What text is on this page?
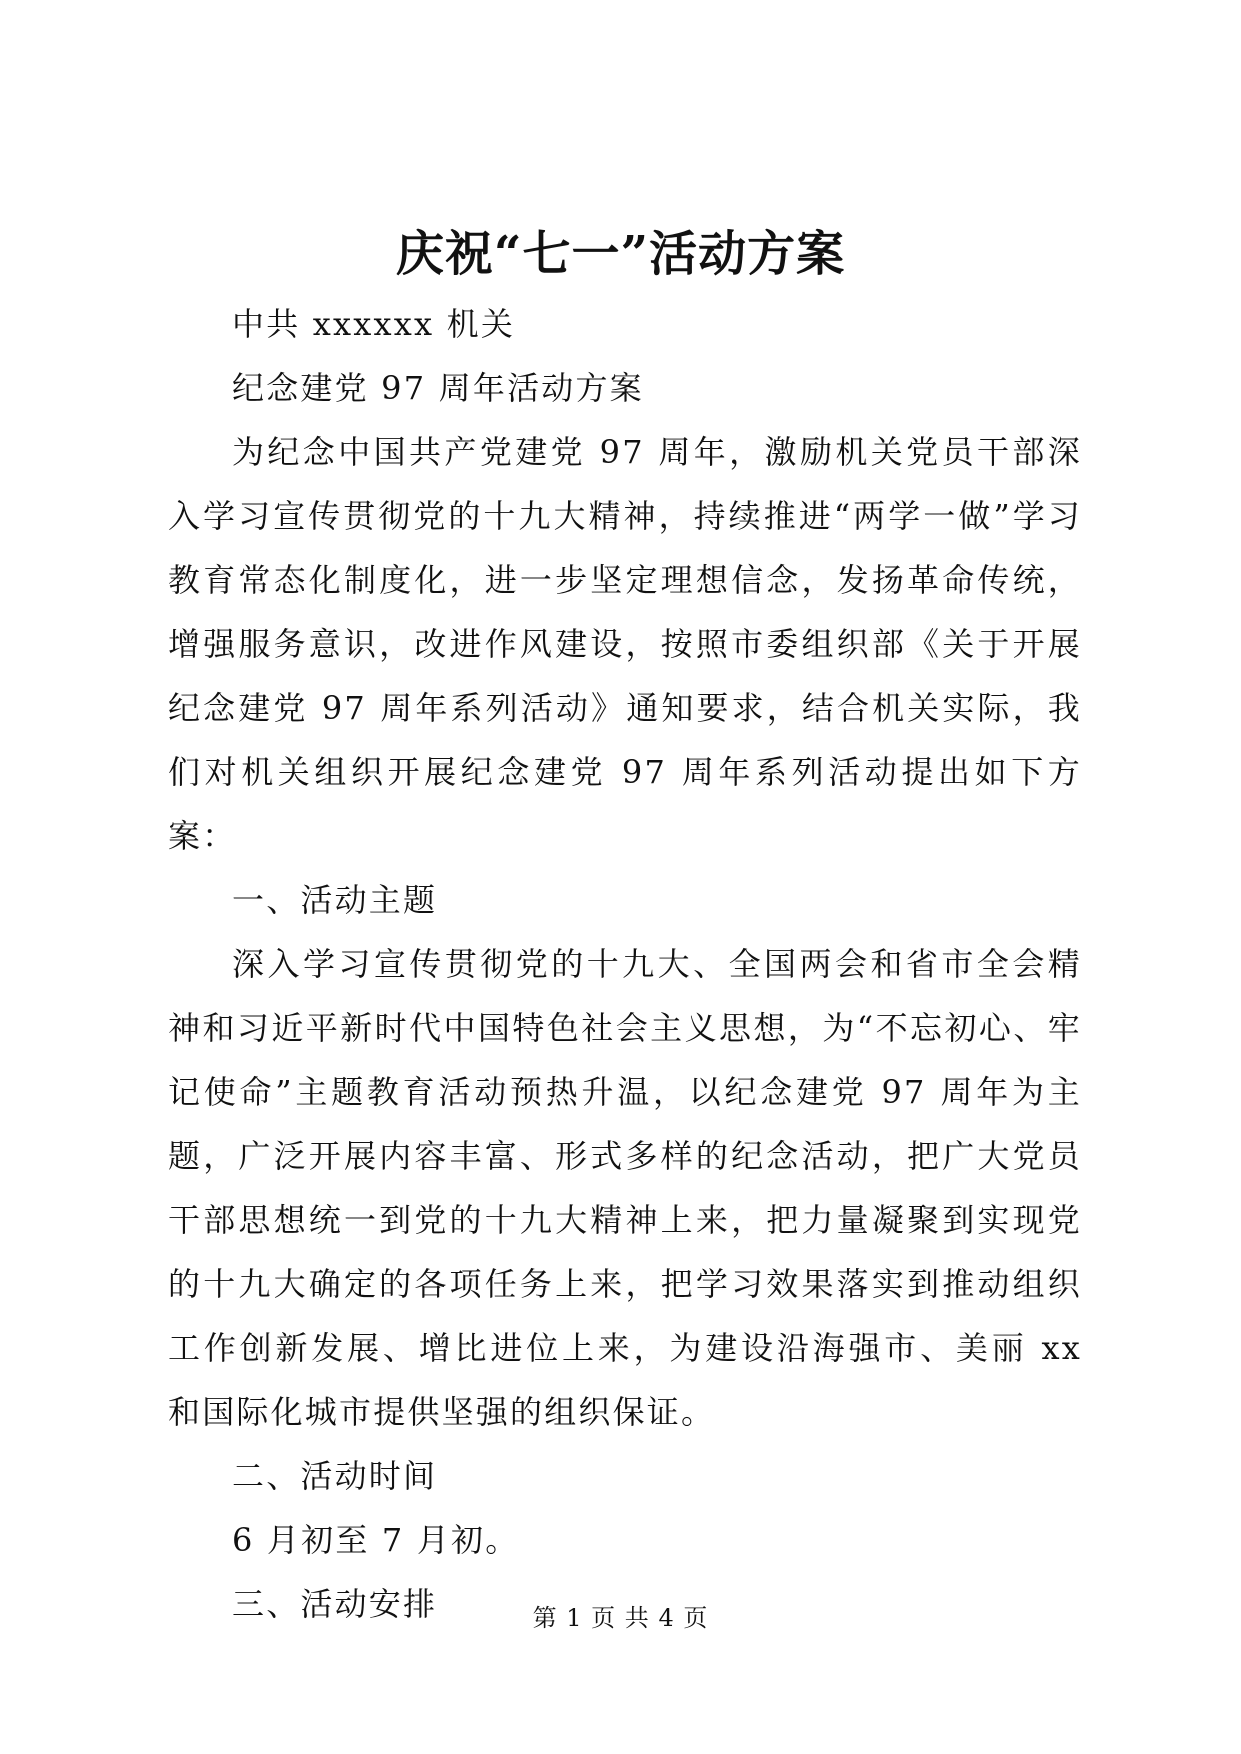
庆祝“七一”活动方案
中共 xxxxxx 机关
纪念建党 97 周年活动方案
为纪念中国共产党建党 97 周年，激励机关党员干部深入学习宣传贯彻党的十九大精神，持续推进“两学一做”学习教育常态化制度化，进一步坚定理想信念，发扬革命传统，增强服务意识，改进作风建设，按照市委组织部《关于开展纪念建党 97 周年系列活动》通知要求，结合机关实际，我们对机关组织开展纪念建党 97 周年系列活动提出如下方案：
一、活动主题
深入学习宣传贯彻党的十九大、全国两会和省市全会精神和习近平新时代中国特色社会主义思想，为“不忘初心、牢记使命”主题教育活动预热升温，以纪念建党 97 周年为主题，广泛开展内容丰富、形式多样的纪念活动，把广大党员干部思想统一到党的十九大精神上来，把力量凝聚到实现党的十九大确定的各项任务上来，把学习效果落实到推动组织工作创新发展、增比进位上来，为建设沿海强市、美丽 xx 和国际化城市提供坚强的组织保证。
二、活动时间
6 月初至 7 月初。
三、活动安排	第 1 页 共 4 页
